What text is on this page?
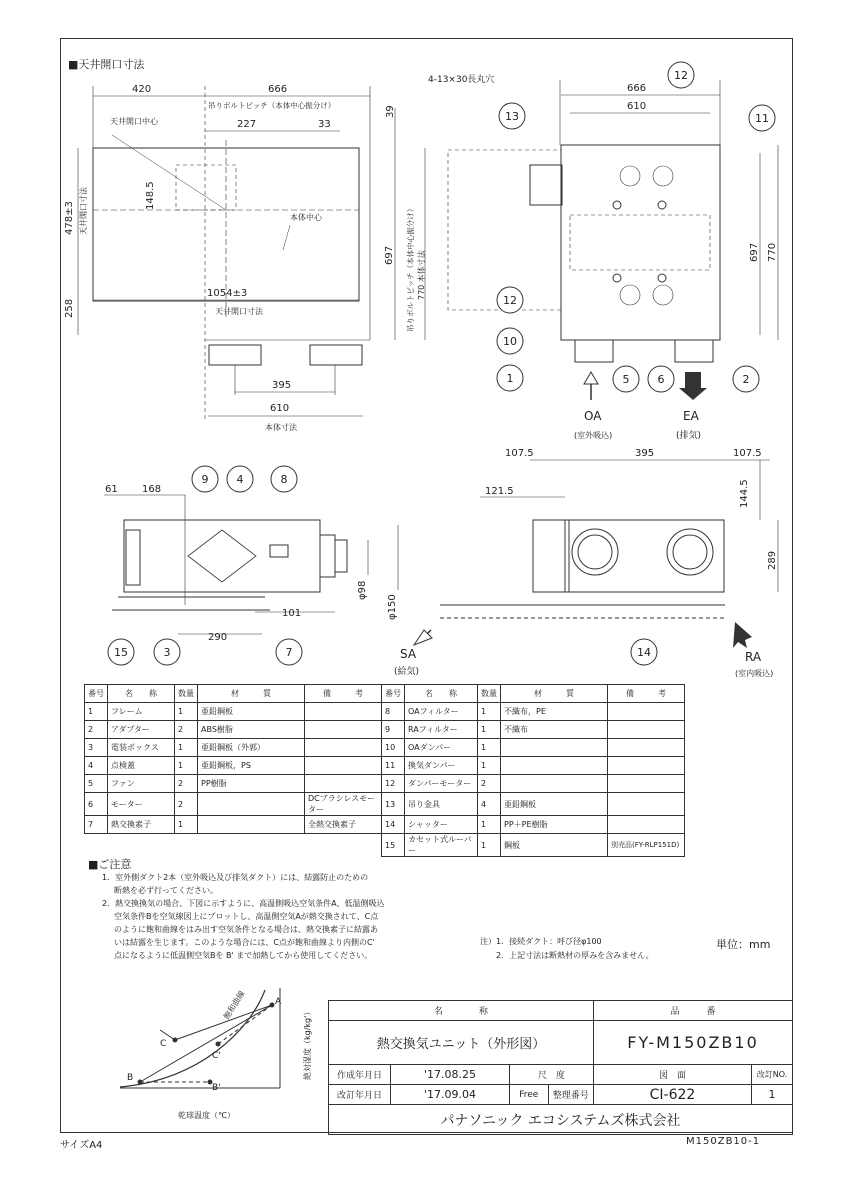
12
13	11
12
10
1	5	6	2
9	4	8
15	3	7	14
■天井開口寸法
420	666
吊りボルトピッチ（本体中心振分け）
227	33
天井開口中心
本体中心
1054±3
天井開口寸法
395
610
本体寸法
39
148.5
478±3 天井開口寸法
258
697 吊りボルトピッチ（本体中心振分け） 770 本体寸法
4-13×30長丸穴
666
610
697 770
OA
(室外吸込)
EA
(排気)
61 168
101
290
φ98
φ150
SA
(給気)
107.5	395	107.5
121.5	144.5
289
RA
(室内吸込)
A
B
C
C'
B'
飽和曲線
絶対湿度（kg/kg'）
乾球温度（℃）
番号	名　　称	数量	材　　　質	備　　　考	番号	名　　称	数量	材　　　質	備　　　考
1	フレーム	1	亜鉛鋼板		8	OAフィルター	1	不織布，PE	
2	アダプター	2	ABS樹脂		9	RAフィルター	1	不織布	
3	電装ボックス	1	亜鉛鋼板（外郭）		10	OAダンパー	1		
4	点検蓋	1	亜鉛鋼板，PS		11	換気ダンパー	1		
5	ファン	2	PP樹脂		12	ダンパーモーター	2		
6	モーター	2		DCブラシレスモーター	13	吊り金具	4	亜鉛鋼板	
7	熱交換素子	1		全熱交換素子	14	シャッター	1	PP＋PE樹脂	
					15	カセット式ルーバー	1	鋼板	別売品(FY-RLP151D)
■ご注意
1．室外側ダクト2本（室外吸込及び排気ダクト）には、結露防止のための
断熱を必ず行ってください。
2．熱交換換気の場合、下図に示すように、高温側吸込空気条件A、低温側吸込
空気条件Bを空気線図上にプロットし、高温側空気Aが熱交換されて、C点
のように飽和曲線をはみ出す空気条件となる場合は、熱交換素子に結露あ
いは結露を生じます。このような場合には、C点が飽和曲線より内側のC'
点になるように低温側空気Bを B' まで加熱してから使用してください。
注）1．接続ダクト：呼び径φ100
2．上記寸法は断熱材の厚みを含みません。
単位：mm
名　　　　称				品　　　番	
熱交換気ユニット（外形図）				FY-M150ZB10	
作成年月日	'17.08.25	尺　度		図　面	改訂NO.
改訂年月日	'17.09.04	Free	整理番号	CI-622	1
パナソニック エコシステムズ株式会社					
サイズA4	M150ZB10-1
